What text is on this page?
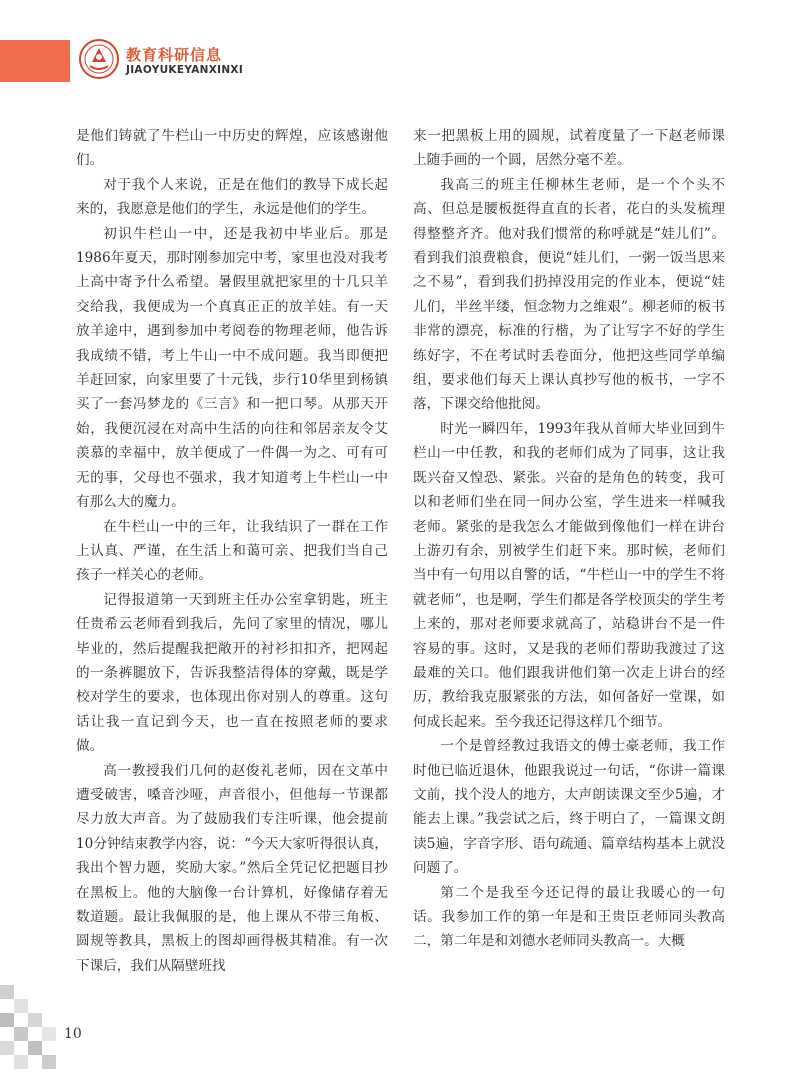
教育科研信息
JIAOYUKEYANXINXI

是他们铸就了牛栏山一中历史的辉煌，应该感谢他们。

对于我个人来说，正是在他们的教导下成长起来的，我愿意是他们的学生，永远是他们的学生。

初识牛栏山一中，还是我初中毕业后。那是1986年夏天，那时刚参加完中考，家里也没对我考上高中寄予什么希望。暑假里就把家里的十几只羊交给我，我便成为一个真真正正的放羊娃。有一天放羊途中，遇到参加中考阅卷的物理老师，他告诉我成绩不错，考上牛山一中不成问题。我当即便把羊赶回家，向家里要了十元钱，步行10华里到杨镇买了一套冯梦龙的《三言》和一把口琴。从那天开始，我便沉浸在对高中生活的向往和邻居亲友令艾羡慕的幸福中，放羊便成了一件偶一为之、可有可无的事，父母也不强求，我才知道考上牛栏山一中有那么大的魔力。

在牛栏山一中的三年，让我结识了一群在工作上认真、严谨，在生活上和蔼可亲、把我们当自己孩子一样关心的老师。

记得报道第一天到班主任办公室拿钥匙，班主任贵希云老师看到我后，先问了家里的情况，哪儿毕业的，然后提醒我把敞开的衬衫扣扣齐，把网起的一条裤腿放下，告诉我整洁得体的穿戴，既是学校对学生的要求，也体现出你对别人的尊重。这句话让我一直记到今天，也一直在按照老师的要求做。

高一教授我们几何的赵俊礼老师，因在文革中遭受破害，嗓音沙哑，声音很小，但他每一节课都尽力放大声音。为了鼓励我们专注听课，他会提前10分钟结束教学内容，说：“今天大家听得很认真，我出个智力题，奖励大家。”然后全凭记忆把题目抄在黑板上。他的大脑像一台计算机，好像储存着无数道题。最让我佩服的是，他上课从不带三角板、圆规等教具，黑板上的图却画得极其精准。有一次下课后，我们从隔壁班找

来一把黑板上用的圆规，试着度量了一下赵老师课上随手画的一个圆，居然分毫不差。

我高三的班主任柳林生老师，是一个个头不高、但总是腰板挺得直直的长者，花白的头发梳理得整整齐齐。他对我们惯常的称呼就是“娃儿们”。看到我们浪费粮食，便说“娃儿们，一粥一饭当思来之不易”，看到我们扔掉没用完的作业本，便说“娃儿们，半丝半缕，恒念物力之维艰”。柳老师的板书非常的漂亮，标准的行楷，为了让写字不好的学生练好字，不在考试时丢卷面分，他把这些同学单编组，要求他们每天上课认真抄写他的板书，一字不落，下课交给他批阅。

时光一瞬四年，1993年我从首师大毕业回到牛栏山一中任教，和我的老师们成为了同事，这让我既兴奋又惶恐、紧张。兴奋的是角色的转变，我可以和老师们坐在同一间办公室，学生进来一样喊我老师。紧张的是我怎么才能做到像他们一样在讲台上游刃有余，别被学生们赶下来。那时候，老师们当中有一句用以自警的话，“牛栏山一中的学生不将就老师”，也是啊，学生们都是各学校顶尖的学生考上来的，那对老师要求就高了，站稳讲台不是一件容易的事。这时，又是我的老师们帮助我渡过了这最难的关口。他们跟我讲他们第一次走上讲台的经历，教给我克服紧张的方法，如何备好一堂课，如何成长起来。至今我还记得这样几个细节。

一个是曾经教过我语文的傅士豪老师，我工作时他已临近退休，他跟我说过一句话，“你讲一篇课文前，找个没人的地方，大声朗读课文至少5遍，才能去上课。”我尝试之后，终于明白了，一篇课文朗读5遍，字音字形、语句疏通、篇章结构基本上就没问题了。

第二个是我至今还记得的最让我暖心的一句话。我参加工作的第一年是和王贵臣老师同头教高二，第二年是和刘德水老师同头教高一。大概

10
